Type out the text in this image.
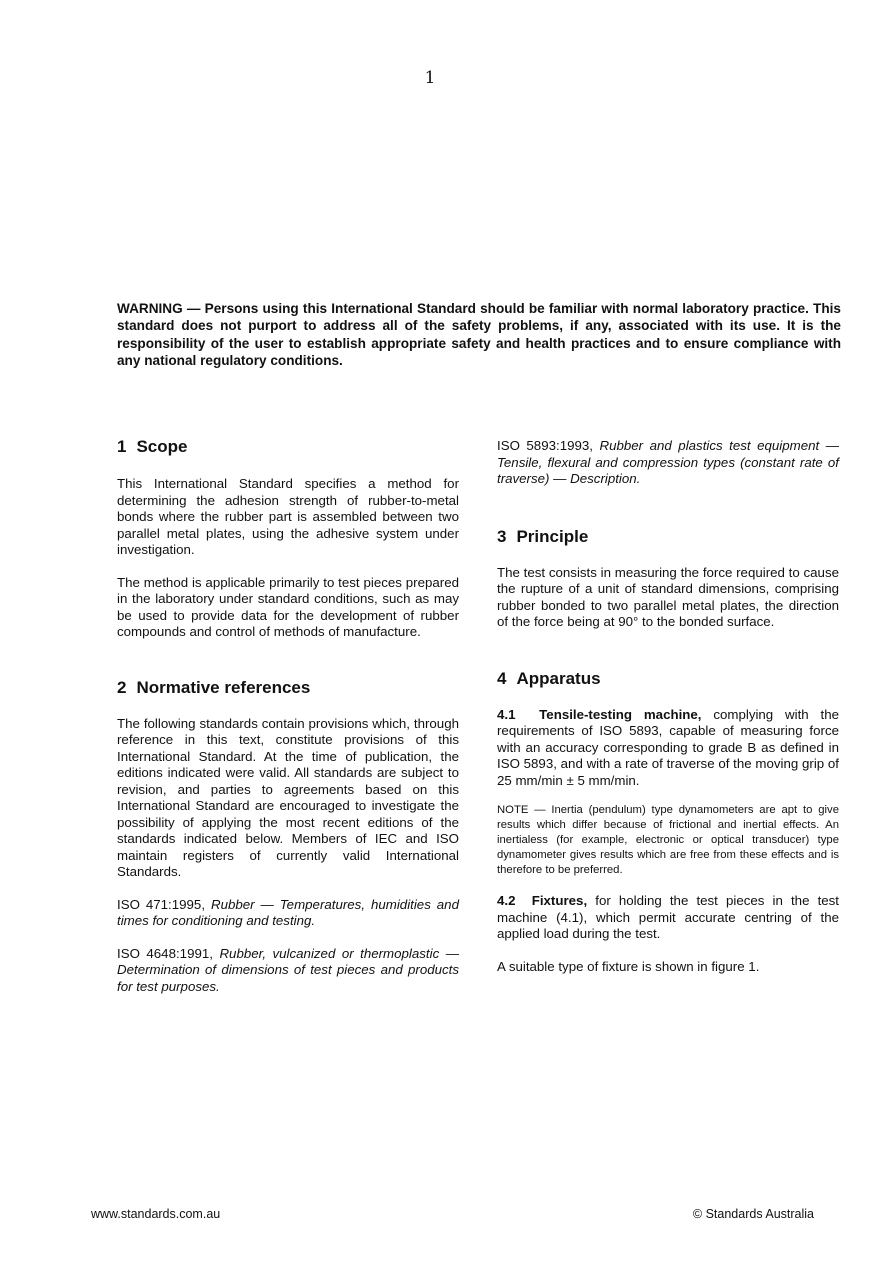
1
WARNING — Persons using this International Standard should be familiar with normal laboratory practice. This standard does not purport to address all of the safety problems, if any, associated with its use. It is the responsibility of the user to establish appropriate safety and health practices and to ensure compliance with any national regulatory conditions.
1 Scope

This International Standard specifies a method for determining the adhesion strength of rubber-to-metal bonds where the rubber part is assembled between two parallel metal plates, using the adhesive system under investigation.

The method is applicable primarily to test pieces prepared in the laboratory under standard conditions, such as may be used to provide data for the development of rubber compounds and control of methods of manufacture.

2 Normative references

The following standards contain provisions which, through reference in this text, constitute provisions of this International Standard. At the time of publication, the editions indicated were valid. All standards are subject to revision, and parties to agreements based on this International Standard are encouraged to investigate the possibility of applying the most recent editions of the standards indicated below. Members of IEC and ISO maintain registers of currently valid International Standards.

ISO 471:1995, Rubber — Temperatures, humidities and times for conditioning and testing.

ISO 4648:1991, Rubber, vulcanized or thermoplastic — Determination of dimensions of test pieces and products for test purposes.

ISO 5893:1993, Rubber and plastics test equipment — Tensile, flexural and compression types (constant rate of traverse) — Description.

3 Principle

The test consists in measuring the force required to cause the rupture of a unit of standard dimensions, comprising rubber bonded to two parallel metal plates, the direction of the force being at 90° to the bonded surface.

4 Apparatus

4.1 Tensile-testing machine, complying with the requirements of ISO 5893, capable of measuring force with an accuracy corresponding to grade B as defined in ISO 5893, and with a rate of traverse of the moving grip of 25 mm/min ± 5 mm/min.

NOTE — Inertia (pendulum) type dynamometers are apt to give results which differ because of frictional and inertial effects. An inertialess (for example, electronic or optical transducer) type dynamometer gives results which are free from these effects and is therefore to be preferred.

4.2 Fixtures, for holding the test pieces in the test machine (4.1), which permit accurate centring of the applied load during the test.

A suitable type of fixture is shown in figure 1.

www.standards.com.au	© Standards Australia
